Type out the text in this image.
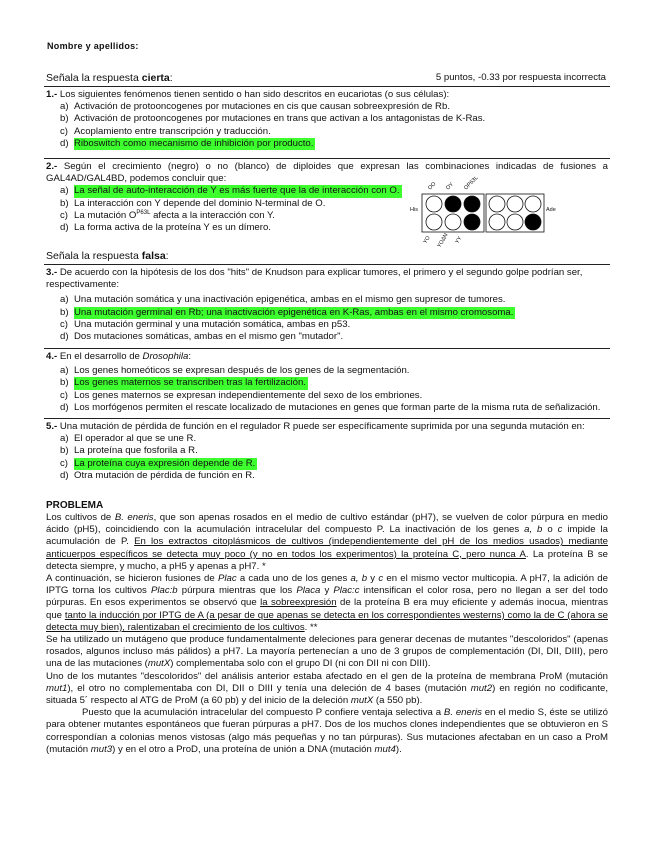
Nombre y apellidos:
Señala la respuesta cierta:	5 puntos, -0.33 por respuesta incorrecta
1.- Los siguientes fenómenos tienen sentido o han sido descritos en eucariotas (o sus células):
a) Activación de protooncogenes por mutaciones en cis que causan sobreexpresión de Rb.
b) Activación de protooncogenes por mutaciones en trans que activan a los antagonistas de K-Ras.
c) Acoplamiento entre transcripción y traducción.
d) Riboswitch como mecanismo de inhibición por producto.
2.- Según el crecimiento (negro) o no (blanco) de diploides que expresan las combinaciones indicadas de fusiones a GAL4AD/GAL4BD, podemos concluir que:
a) La señal de auto-interacción de Y es más fuerte que la de interacción con O.
b) La interacción con Y depende del dominio N-terminal de O.
c) La mutación $O^{P63L}$ afecta a la interacción con Y.
d) La forma activa de la proteína Y es un dímero.
OO OY OP63L
His	Ade
YO YOΔN YY
Señala la respuesta falsa:
3.- De acuerdo con la hipótesis de los dos "hits" de Knudson para explicar tumores, el primero y el segundo golpe podrían ser, respectivamente:
a) Una mutación somática y una inactivación epigenética, ambas en el mismo gen supresor de tumores.
b) Una mutación germinal en Rb; una inactivación epigenética en K-Ras, ambas en el mismo cromosoma.
c) Una mutación germinal y una mutación somática, ambas en p53.
d) Dos mutaciones somáticas, ambas en el mismo gen "mutador".
4.- En el desarrollo de Drosophila:
a) Los genes homeóticos se expresan después de los genes de la segmentación.
b) Los genes maternos se transcriben tras la fertilización.
c) Los genes maternos se expresan independientemente del sexo de los embriones.
d) Los morfógenos permiten el rescate localizado de mutaciones en genes que forman parte de la misma ruta de señalización.
5.- Una mutación de pérdida de función en el regulador R puede ser específicamente suprimida por una segunda mutación en:
a) El operador al que se une R.
b) La proteína que fosforila a R.
c) La proteína cuya expresión depende de R.
d) Otra mutación de pérdida de función en R.
PROBLEMA

Los cultivos de B. eneris, que son apenas rosados en el medio de cultivo estándar (pH7), se vuelven de color púrpura en medio ácido (pH5), coincidiendo con la acumulación intracelular del compuesto P. La inactivación de los genes a, b o c impide la acumulación de P. En los extractos citoplásmicos de cultivos (independientemente del pH de los medios usados) mediante anticuerpos específicos se detecta muy poco (y no en todos los experimentos) la proteína C, pero nunca A. La proteína B se detecta siempre, y mucho, a pH5 y apenas a pH7. *

A continuación, se hicieron fusiones de Plac a cada uno de los genes a, b y c en el mismo vector multicopia. A pH7, la adición de IPTG torna los cultivos Plac:b púrpura mientras que los Placa y Plac:c intensifican el color rosa, pero no llegan a ser del todo púrpuras. En esos experimentos se observó que la sobreexpresión de la proteína B era muy eficiente y además inocua, mientras que tanto la inducción por IPTG de A (a pesar de que apenas se detecta en los correspondientes westerns) como la de C (ahora se detecta muy bien), ralentizaban el crecimiento de los cultivos. **

Se ha utilizado un mutágeno que produce fundamentalmente deleciones para generar decenas de mutantes "descoloridos" (apenas rosados, algunos incluso más pálidos) a pH7. La mayoría pertenecían a uno de 3 grupos de complementación (DI, DII, DIII), pero una de las mutaciones (mutX) complementaba solo con el grupo DI (ni con DII ni con DIII).

Uno de los mutantes "descoloridos" del análisis anterior estaba afectado en el gen de la proteína de membrana ProM (mutación mut1), el otro no complementaba con DI, DII o DIII y tenía una deleción de 4 bases (mutación mut2) en región no codificante, situada 5´ respecto al ATG de ProM (a 60 pb) y del inicio de la deleción mutX (a 550 pb).

Puesto que la acumulación intracelular del compuesto P confiere ventaja selectiva a B. eneris en el medio S, éste se utilizó para obtener mutantes espontáneos que fueran púrpuras a pH7. Dos de los muchos clones independientes que se obtuvieron en S correspondían a colonias menos vistosas (algo más pequeñas y no tan púrpuras). Sus mutaciones afectaban en un caso a ProM (mutación mut3) y en el otro a ProD, una proteína de unión a DNA (mutación mut4).
